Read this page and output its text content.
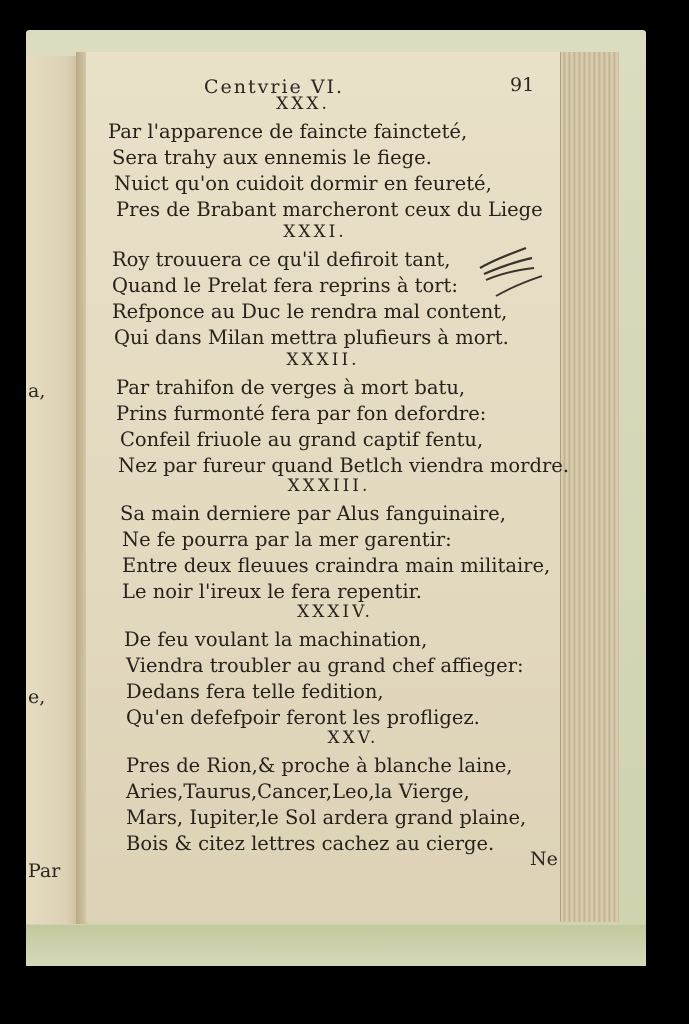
a,
e,
Par
Centvrie VI.	91
XXX.
Par l'apparence de faincte faincteté,
Sera trahy aux ennemis le fiege.
Nuict qu'on cuidoit dormir en feureté,
Pres de Brabant marcheront ceux du Liege
XXXI.
Roy trouuera ce qu'il defiroit tant,
Quand le Prelat fera reprins à tort:
Refponce au Duc le rendra mal content,
Qui dans Milan mettra plufieurs à mort.
XXXII.
Par trahifon de verges à mort batu,
Prins furmonté fera par fon defordre:
Confeil friuole au grand captif fentu,
Nez par fureur quand Betlch viendra mordre.
XXXIII.
Sa main derniere par Alus fanguinaire,
Ne fe pourra par la mer garentir:
Entre deux fleuues craindra main militaire,
Le noir l'ireux le fera repentir.
XXXIV.
De feu voulant la machination,
Viendra troubler au grand chef affieger:
Dedans fera telle fedition,
Qu'en defefpoir feront les profligez.
XXV.
Pres de Rion,& proche à blanche laine,
Aries,Taurus,Cancer,Leo,la Vierge,
Mars, Iupiter,le Sol ardera grand plaine,
Bois & citez lettres cachez au cierge.
Ne
